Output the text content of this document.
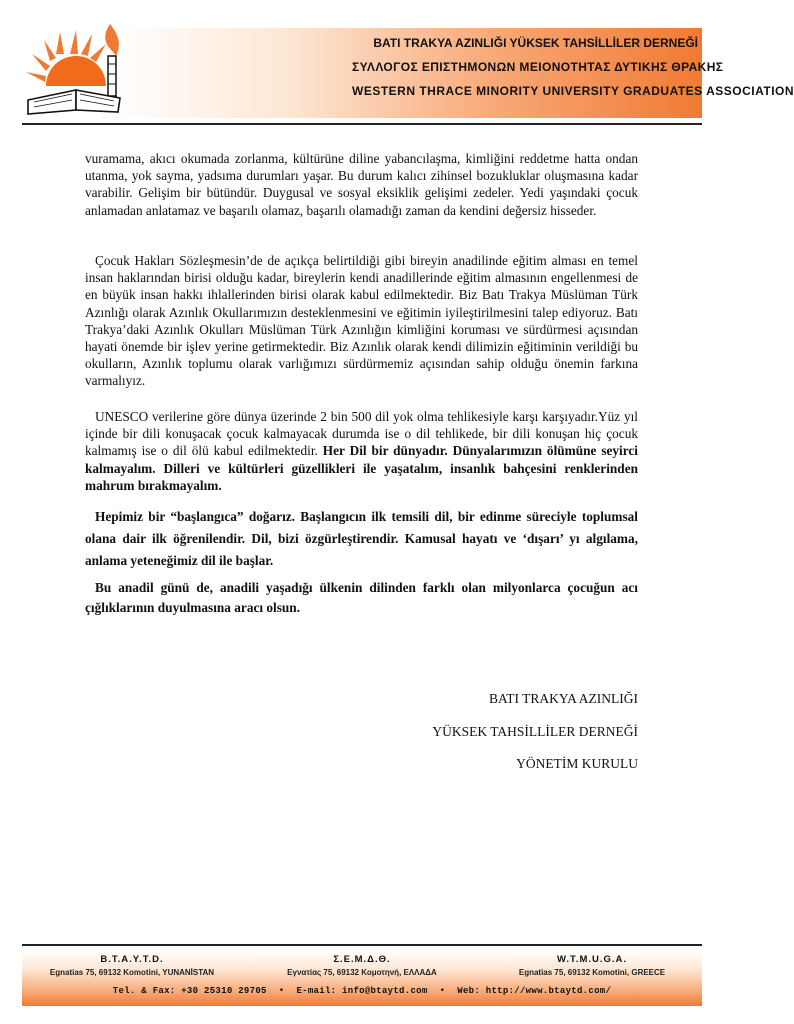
BATI TRAKYA AZINLIĞI YÜKSEK TAHSİLLİLER DERNEĞİ
ΣΥΛΛΟΓΟΣ ΕΠΙΣΤΗΜΟΝΩΝ ΜΕΙΟΝΟΤΗΤΑΣ ΔΥΤΙΚΗΣ ΘΡΑΚΗΣ
WESTERN THRACE MINORITY UNIVERSITY GRADUATES ASSOCIATION

vuramama, akıcı okumada zorlanma, kültürüne diline yabancılaşma, kimliğini reddetme hatta ondan utanma, yok sayma, yadsıma durumları yaşar. Bu durum kalıcı zihinsel bozukluklar oluşmasına kadar varabilir. Gelişim bir bütündür. Duygusal ve sosyal eksiklik gelişimi zedeler. Yedi yaşındaki çocuk anlamadan anlatamaz ve başarılı olamaz, başarılı olamadığı zaman da kendini değersiz hisseder.

Çocuk Hakları Sözleşmesin’de de açıkça belirtildiği gibi bireyin anadilinde eğitim alması en temel insan haklarından birisi olduğu kadar, bireylerin kendi anadillerinde eğitim almasının engellenmesi de en büyük insan hakkı ihlallerinden birisi olarak kabul edilmektedir. Biz Batı Trakya Müslüman Türk Azınlığı olarak Azınlık Okullarımızın desteklenmesini ve eğitimin iyileştirilmesini talep ediyoruz. Batı Trakya’daki Azınlık Okulları Müslüman Türk Azınlığın kimliğini koruması ve sürdürmesi açısından hayati önemde bir işlev yerine getirmektedir. Biz Azınlık olarak kendi dilimizin eğitiminin verildiği bu okulların, Azınlık toplumu olarak varlığımızı sürdürmemiz açısından sahip olduğu önemin farkına varmalıyız.

UNESCO verilerine göre dünya üzerinde 2 bin 500 dil yok olma tehlikesiyle karşı karşıyadır.Yüz yıl içinde bir dili konuşacak çocuk kalmayacak durumda ise o dil tehlikede, bir dili konuşan hiç çocuk kalmamış ise o dil ölü kabul edilmektedir. Her Dil bir dünyadır. Dünyalarımızın ölümüne seyirci kalmayalım. Dilleri ve kültürleri güzellikleri ile yaşatalım, insanlık bahçesini renklerinden mahrum bırakmayalım.

Hepimiz bir “başlangıca” doğarız. Başlangıcın ilk temsili dil, bir edinme süreciyle toplumsal olana dair ilk öğrenilendir. Dil, bizi özgürleştirendir. Kamusal hayatı ve ‘dışarı’ yı algılama, anlama yeteneğimiz dil ile başlar.

Bu anadil günü de, anadili yaşadığı ülkenin dilinden farklı olan milyonlarca çocuğun acı çığlıklarının duyulmasına aracı olsun.

BATI TRAKYA AZINLIĞI
YÜKSEK TAHSİLLİLER DERNEĞİ
YÖNETİM KURULU
B.T.A.Y.T.D.
Egnatias 75, 69132 Komotini, YUNANİSTAN
Σ.Ε.Μ.Δ.Θ.
Εγνατίας 75, 69132 Κομοτηνή, ΕΛΛΑΔΑ
W.T.M.U.G.A.
Egnatias 75, 69132 Komotini, GREECE
Tel. & Fax: +30 25310 29705 • E-mail: info@btaytd.com • Web: http://www.btaytd.com/
